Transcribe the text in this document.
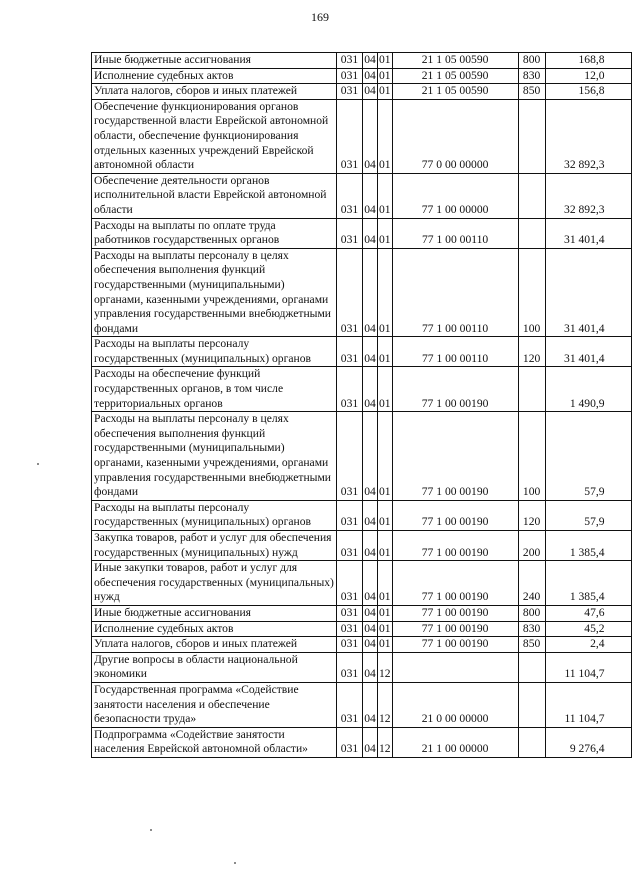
169
Иные бюджетные ассигнования	031	04	01	21 1 05 00590	800	168,8
Исполнение судебных актов	031	04	01	21 1 05 00590	830	12,0
Уплата налогов, сборов и иных платежей	031	04	01	21 1 05 00590	850	156,8
Обеспечение функционирования органов государственной власти Еврейской автономной области, обеспечение функционирования отдельных казенных учреждений Еврейской автономной области	031	04	01	77 0 00 00000		32 892,3
Обеспечение деятельности органов исполнительной власти Еврейской автономной области	031	04	01	77 1 00 00000		32 892,3
Расходы на выплаты по оплате труда работников государственных органов	031	04	01	77 1 00 00110		31 401,4
Расходы на выплаты персоналу в целях обеспечения выполнения функций государственными (муниципальными) органами, казенными учреждениями, органами управления государственными внебюджетными фондами	031	04	01	77 1 00 00110	100	31 401,4
Расходы на выплаты персоналу государственных (муниципальных) органов	031	04	01	77 1 00 00110	120	31 401,4
Расходы на обеспечение функций государственных органов, в том числе территориальных органов	031	04	01	77 1 00 00190		1 490,9
Расходы на выплаты персоналу в целях обеспечения выполнения функций государственными (муниципальными) органами, казенными учреждениями, органами управления государственными внебюджетными фондами	031	04	01	77 1 00 00190	100	57,9
Расходы на выплаты персоналу государственных (муниципальных) органов	031	04	01	77 1 00 00190	120	57,9
Закупка товаров, работ и услуг для обеспечения государственных (муниципальных) нужд	031	04	01	77 1 00 00190	200	1 385,4
Иные закупки товаров, работ и услуг для обеспечения государственных (муниципальных) нужд	031	04	01	77 1 00 00190	240	1 385,4
Иные бюджетные ассигнования	031	04	01	77 1 00 00190	800	47,6
Исполнение судебных актов	031	04	01	77 1 00 00190	830	45,2
Уплата налогов, сборов и иных платежей	031	04	01	77 1 00 00190	850	2,4
Другие вопросы в области национальной экономики	031	04	12			11 104,7
Государственная программа «Содействие занятости населения и обеспечение безопасности труда»	031	04	12	21 0 00 00000		11 104,7
Подпрограмма «Содействие занятости населения Еврейской автономной области»	031	04	12	21 1 00 00000		9 276,4
